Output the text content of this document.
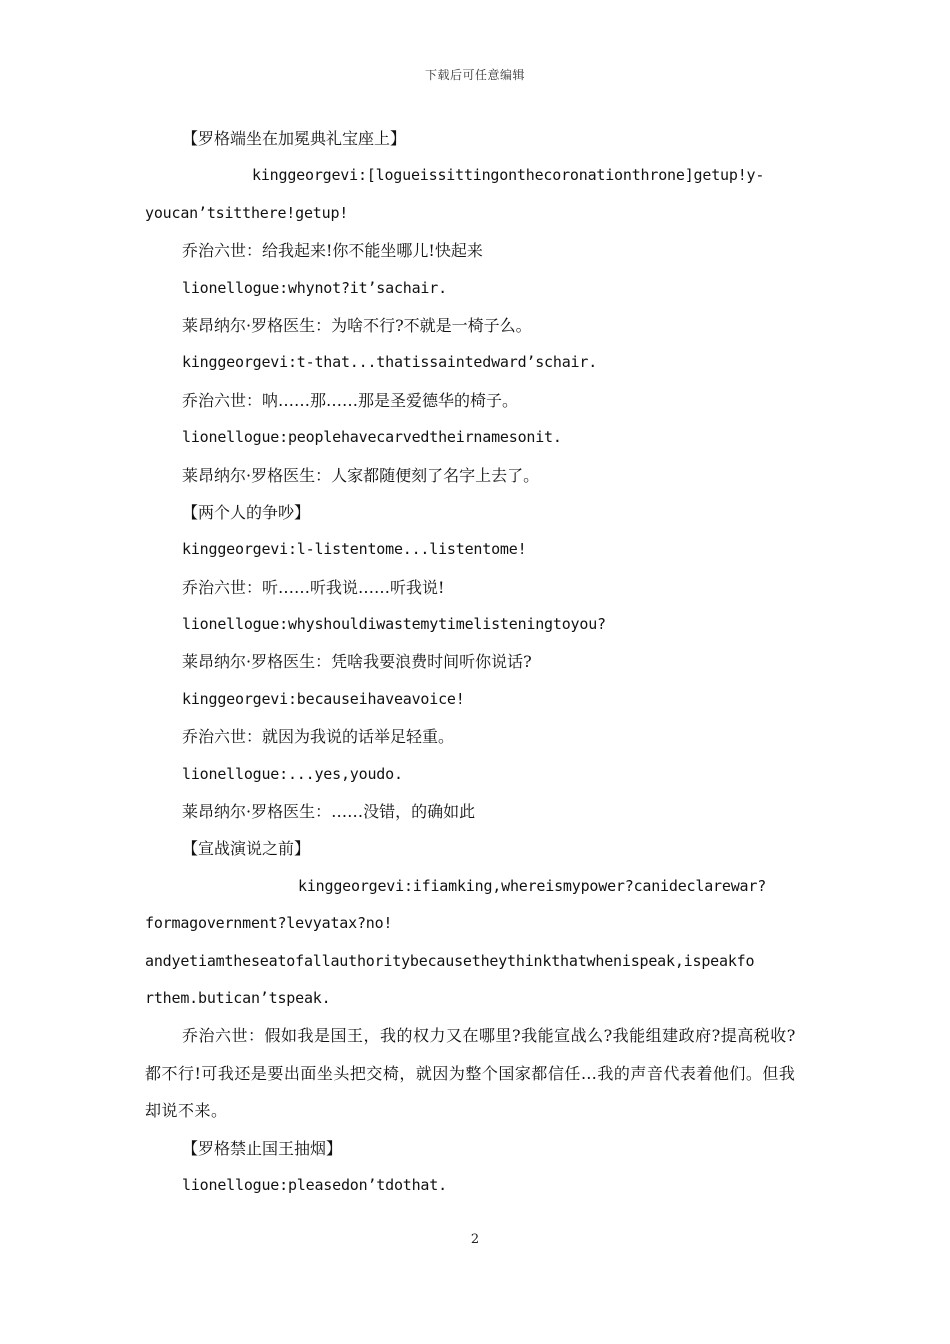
下载后可任意编辑
【罗格端坐在加冕典礼宝座上】
kinggeorgevi:[logueissittingonthecoronationthrone]getup!y-
youcan’tsitthere!getup!
乔治六世：给我起来!你不能坐哪儿!快起来
lionellogue:whynot?it’sachair.
莱昂纳尔·罗格医生：为啥不行?不就是一椅子么。
kinggeorgevi:t-that...thatissaintedward’schair.
乔治六世：呐……那……那是圣爱德华的椅子。
lionellogue:peoplehavecarvedtheirnamesonit.
莱昂纳尔·罗格医生：人家都随便刻了名字上去了。
【两个人的争吵】
kinggeorgevi:l-listentome...listentome!
乔治六世：听……听我说……听我说!
lionellogue:whyshouldiwastemytimelisteningtoyou?
莱昂纳尔·罗格医生：凭啥我要浪费时间听你说话?
kinggeorgevi:becauseihaveavoice!
乔治六世：就因为我说的话举足轻重。
lionellogue:...yes,youdo.
莱昂纳尔·罗格医生：……没错，的确如此
【宣战演说之前】
kinggeorgevi:ifiamking,whereismypower?canideclarewar?
formagovernment?levyatax?no!
andyetiamtheseatofallauthoritybecausetheythinkthatwhenispeak,ispeakfo
rthem.butican’tspeak.
乔治六世：假如我是国王，我的权力又在哪里?我能宣战么?我能组建政府?提高税收?都不行!可我还是要出面坐头把交椅，就因为整个国家都信任…我的声音代表着他们。但我却说不来。
【罗格禁止国王抽烟】
lionellogue:pleasedon’tdothat.
2
